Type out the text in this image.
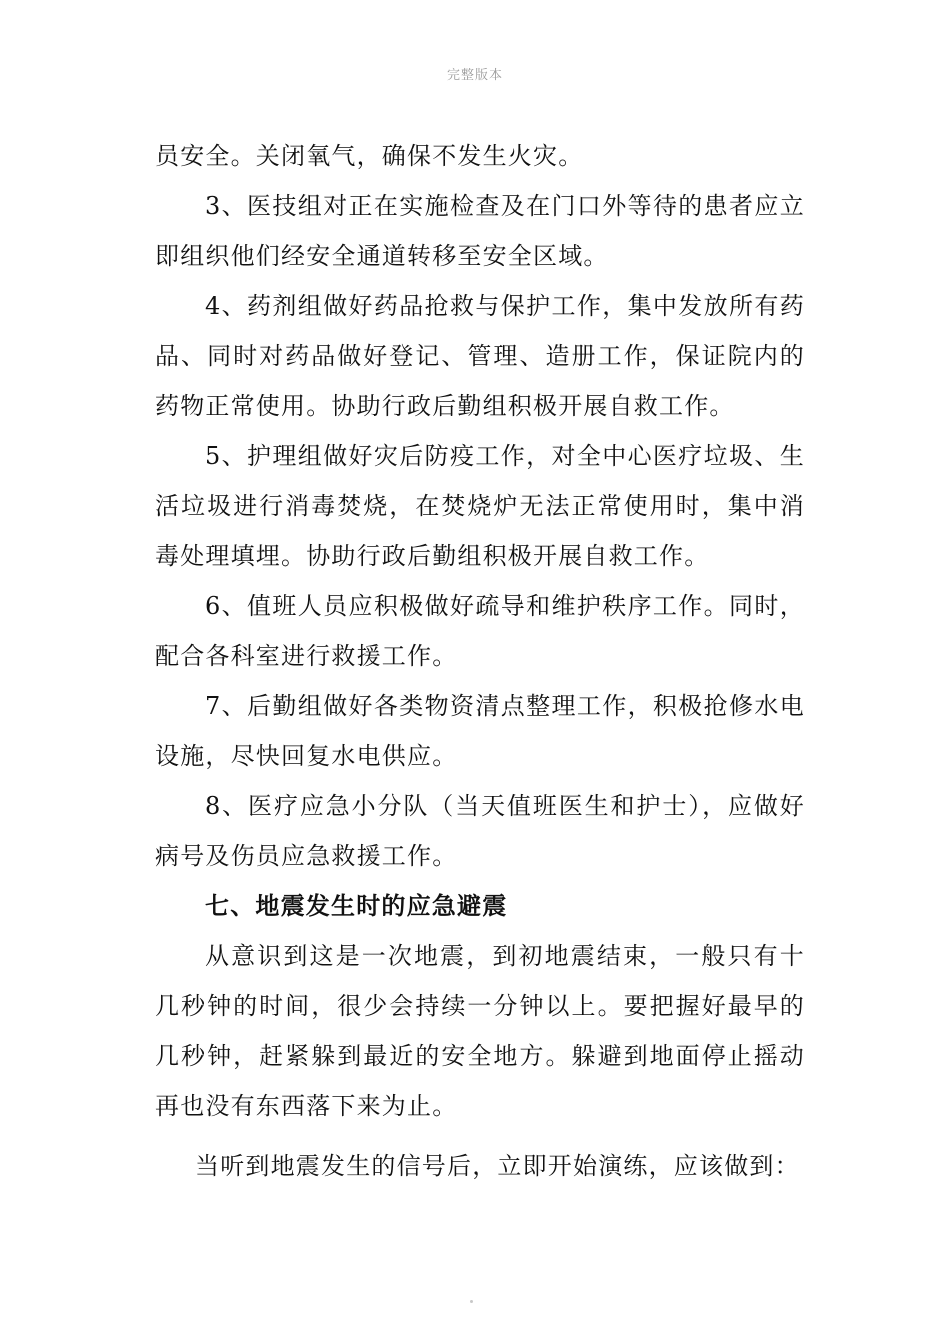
完整版本

员安全。关闭氧气，确保不发生火灾。

3、医技组对正在实施检查及在门口外等待的患者应立即组织他们经安全通道转移至安全区域。

4、药剂组做好药品抢救与保护工作，集中发放所有药品、同时对药品做好登记、管理、造册工作，保证院内的药物正常使用。协助行政后勤组积极开展自救工作。

5、护理组做好灾后防疫工作，对全中心医疗垃圾、生活垃圾进行消毒焚烧，在焚烧炉无法正常使用时，集中消毒处理填埋。协助行政后勤组积极开展自救工作。

6、值班人员应积极做好疏导和维护秩序工作。同时，配合各科室进行救援工作。

7、后勤组做好各类物资清点整理工作，积极抢修水电设施，尽快回复水电供应。

8、医疗应急小分队（当天值班医生和护士），应做好病号及伤员应急救援工作。

七、地震发生时的应急避震

从意识到这是一次地震，到初地震结束，一般只有十几秒钟的时间，很少会持续一分钟以上。要把握好最早的几秒钟，赶紧躲到最近的安全地方。躲避到地面停止摇动再也没有东西落下来为止。

当听到地震发生的信号后，立即开始演练，应该做到：
